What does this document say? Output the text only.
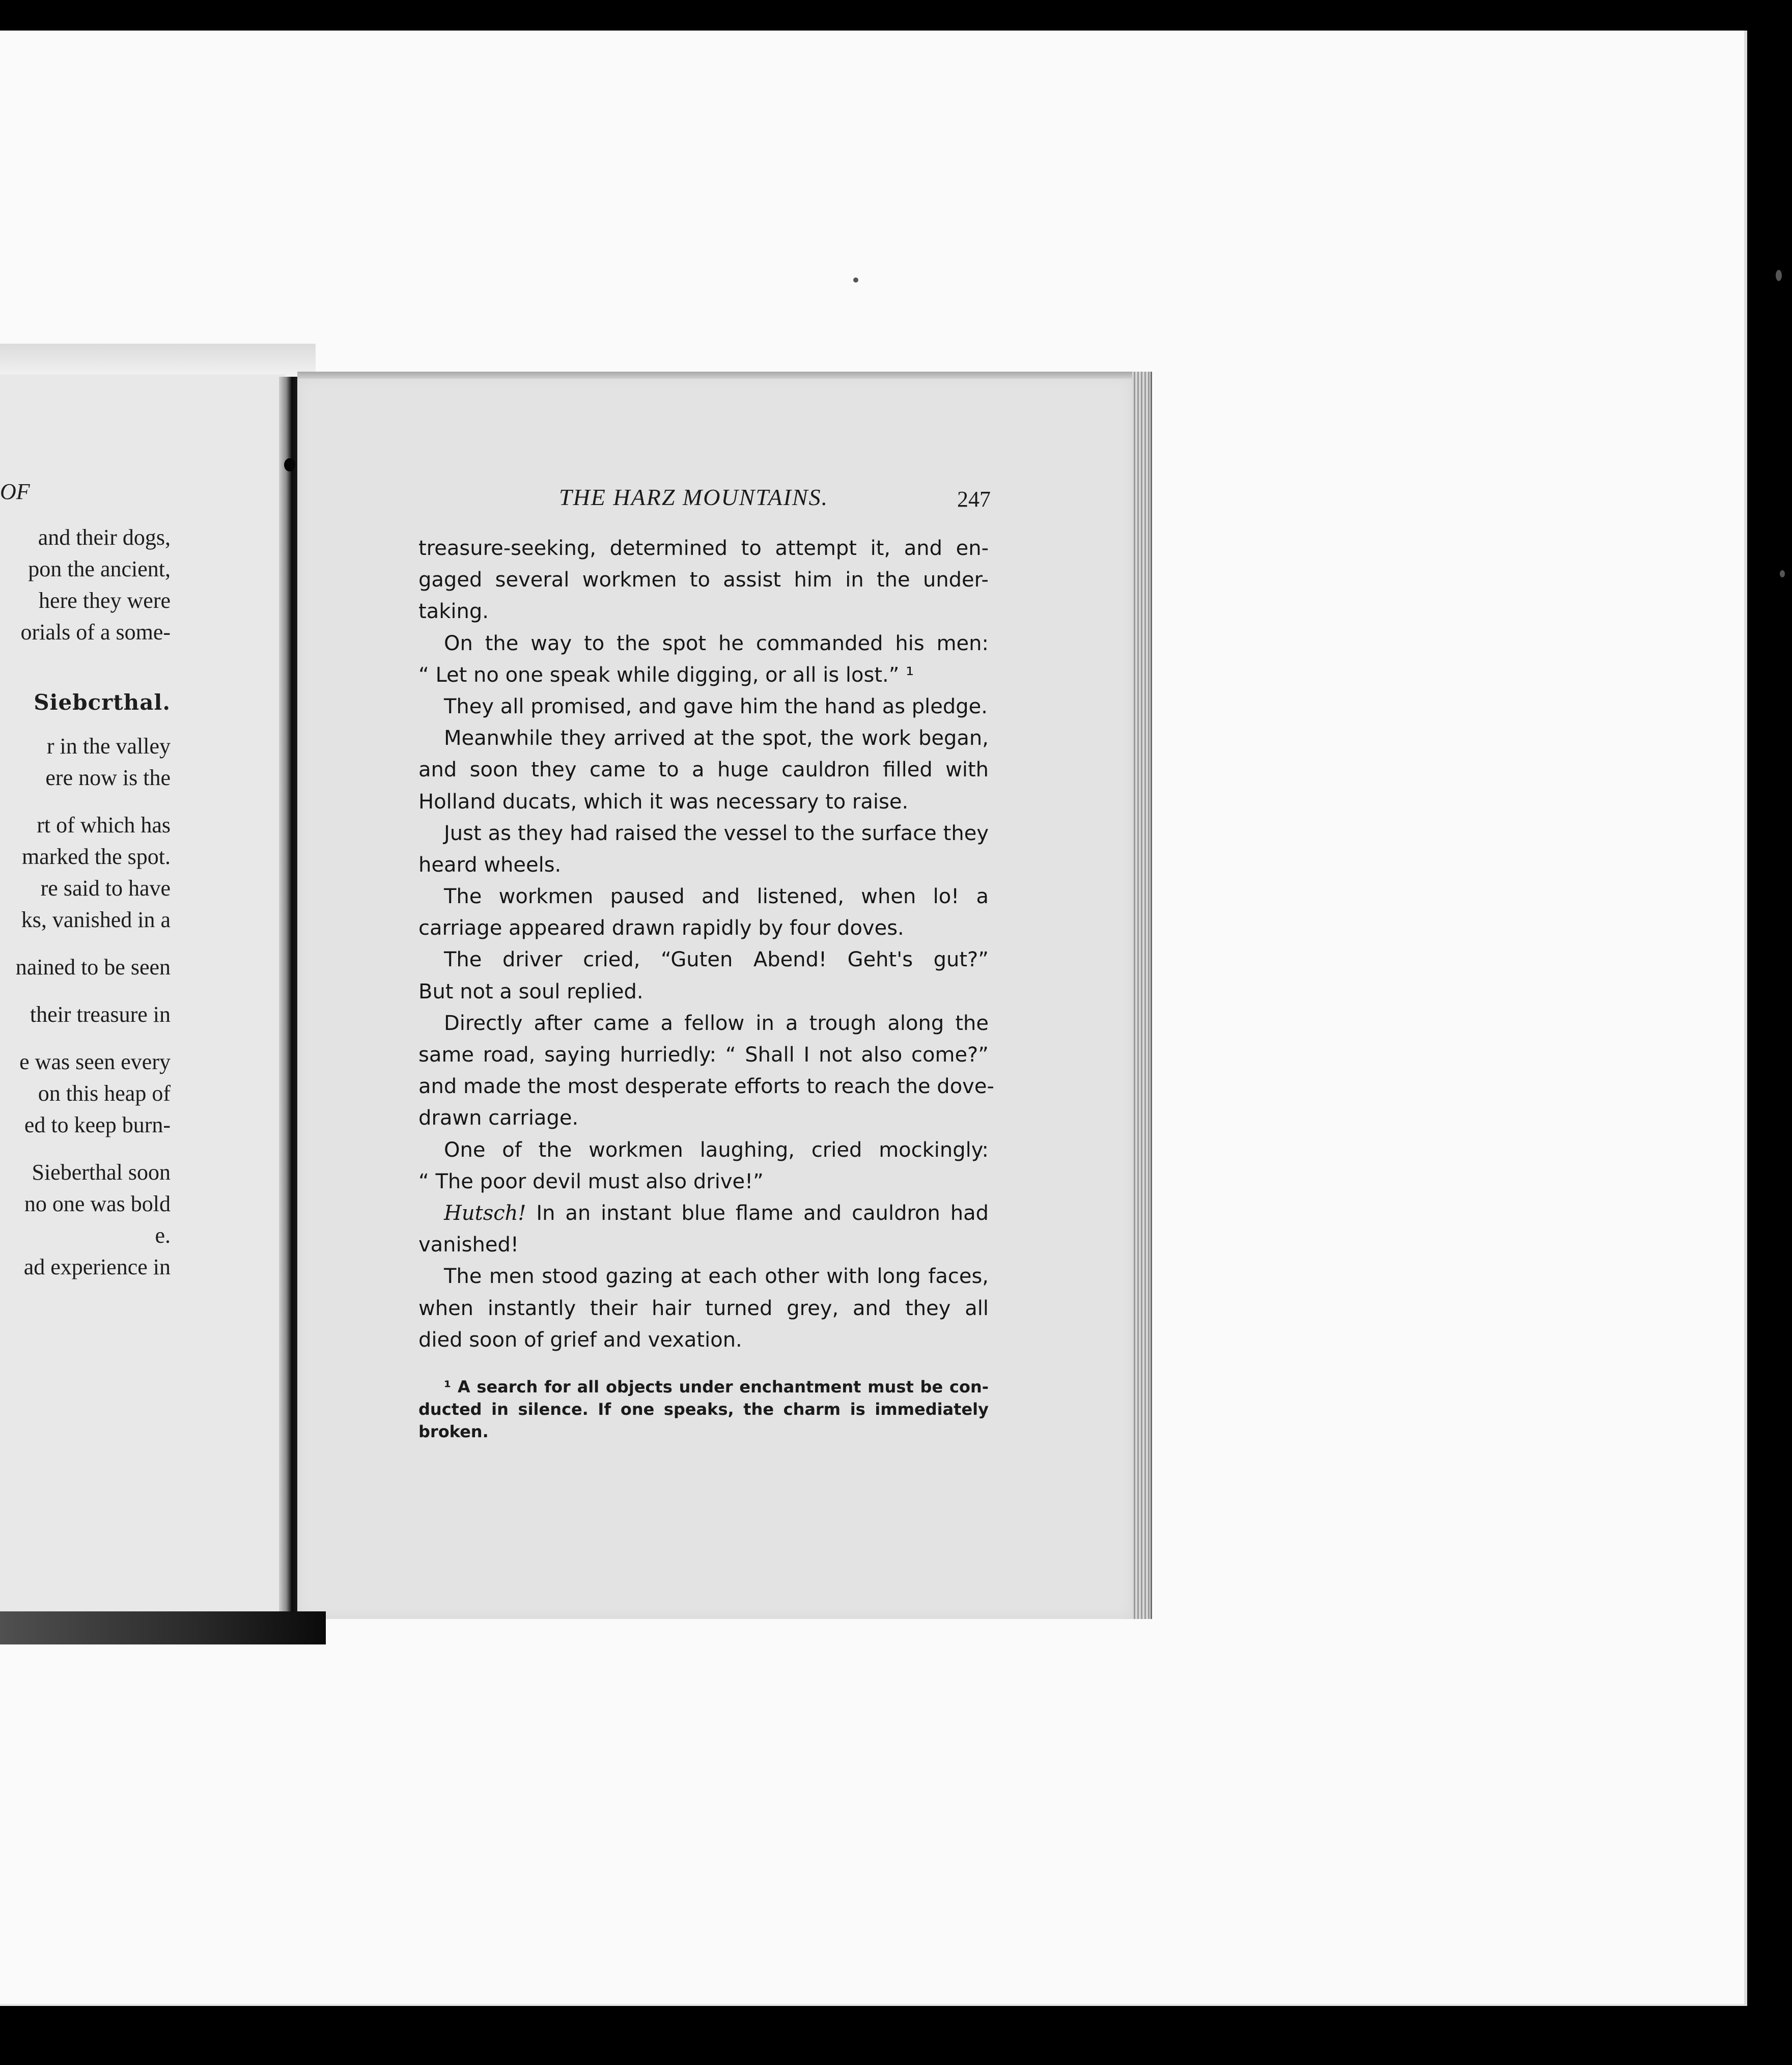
OF
and their dogs,
pon the ancient,
here they were
orials of a some-
Siebcrthal.
r in the valley
ere now is the
rt of which has
marked the spot.
re said to have
ks, vanished in a
nained to be seen
their treasure in
e was seen every
on this heap of
ed to keep burn-
Sieberthal soon
no one was bold
e.
ad experience in
THE HARZ MOUNTAINS.	247
treasure-seeking, determined to attempt it, and en-
gaged several workmen to assist him in the under-
taking.
On the way to the spot he commanded his men:
“ Let no one speak while digging, or all is lost.” ¹
They all promised, and gave him the hand as pledge.
Meanwhile they arrived at the spot, the work began,
and soon they came to a huge cauldron filled with
Holland ducats, which it was necessary to raise.
Just as they had raised the vessel to the surface they
heard wheels.
The workmen paused and listened, when lo! a
carriage appeared drawn rapidly by four doves.
The driver cried, “Guten Abend! Geht's gut?”
But not a soul replied.
Directly after came a fellow in a trough along the
same road, saying hurriedly: “ Shall I not also come?”
and made the most desperate efforts to reach the dove-
drawn carriage.
One of the workmen laughing, cried mockingly:
“ The poor devil must also drive!”
Hutsch! In an instant blue flame and cauldron had
vanished!
The men stood gazing at each other with long faces,
when instantly their hair turned grey, and they all
died soon of grief and vexation.
¹ A search for all objects under enchantment must be con-
ducted in silence. If one speaks, the charm is immediately
broken.
